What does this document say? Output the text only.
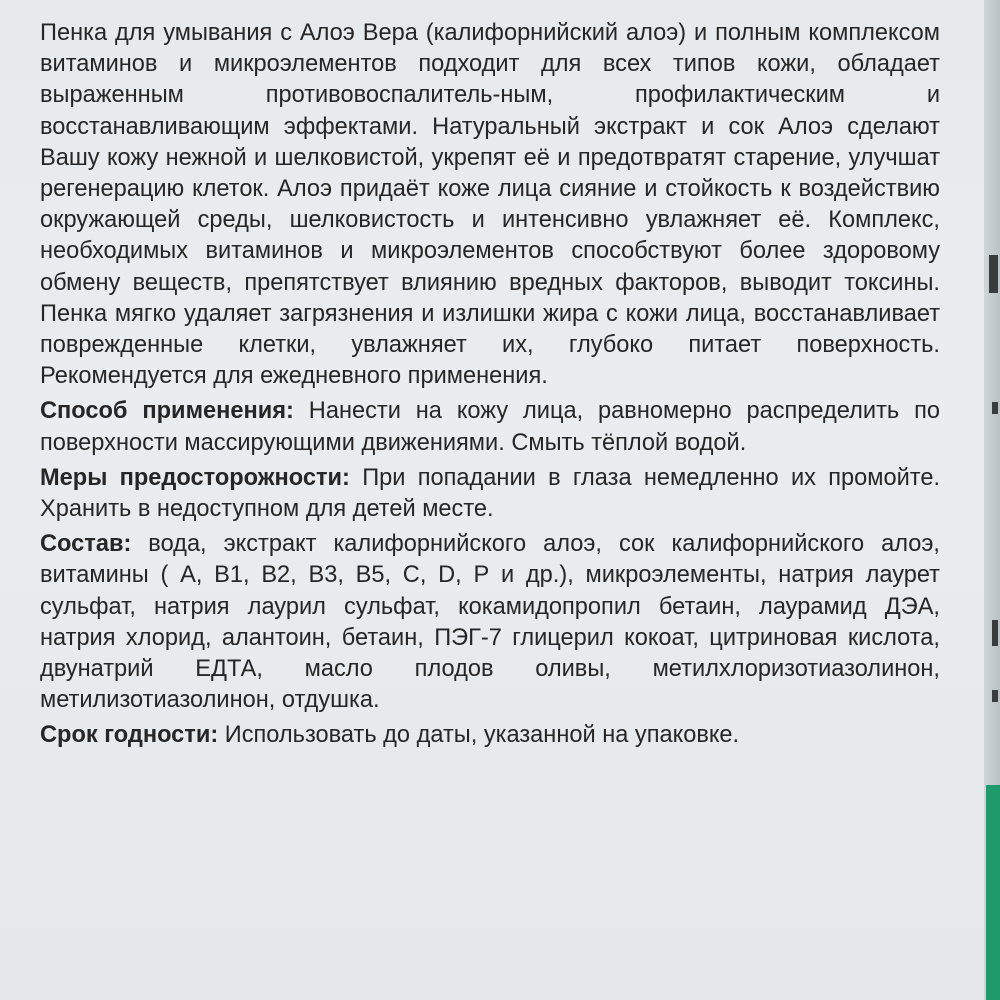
Пенка для умывания с Алоэ Вера (калифорнийский алоэ) и полным комплексом витаминов и микроэлементов подходит для всех типов кожи, обладает выраженным противовоспалитель-ным, профилактическим и восстанавливающим эффектами. Натуральный экстракт и сок Алоэ сделают Вашу кожу нежной и шелковистой, укрепят её и предотвратят старение, улучшат регенерацию клеток. Алоэ придаёт коже лица сияние и стойкость к воздействию окружающей среды, шелковистость и интенсивно увлажняет её. Комплекс, необходимых витаминов и микроэлементов способствуют более здоровому обмену веществ, препятствует влиянию вредных факторов, выводит токсины. Пенка мягко удаляет загрязнения и излишки жира с кожи лица, восстанавливает поврежденные клетки, увлажняет их, глубоко питает поверхность. Рекомендуется для ежедневного применения.

Способ применения: Нанести на кожу лица, равномерно распределить по поверхности массирующими движениями. Смыть тёплой водой.

Меры предосторожности: При попадании в глаза немедленно их промойте. Хранить в недоступном для детей месте.

Состав: вода, экстракт калифорнийского алоэ, сок калифорнийского алоэ, витамины ( А, В1, В2, В3, В5, С, D, Р и др.), микроэлементы, натрия лаурет сульфат, натрия лаурил сульфат, кокамидопропил бетаин, лаурамид ДЭА, натрия хлорид, алантоин, бетаин, ПЭГ-7 глицерил кокоат, цитриновая кислота, двунатрий ЕДТА, масло плодов оливы, метилхлоризотиазолинон, метилизотиазолинон, отдушка.

Срок годности: Использовать до даты, указанной на упаковке.
